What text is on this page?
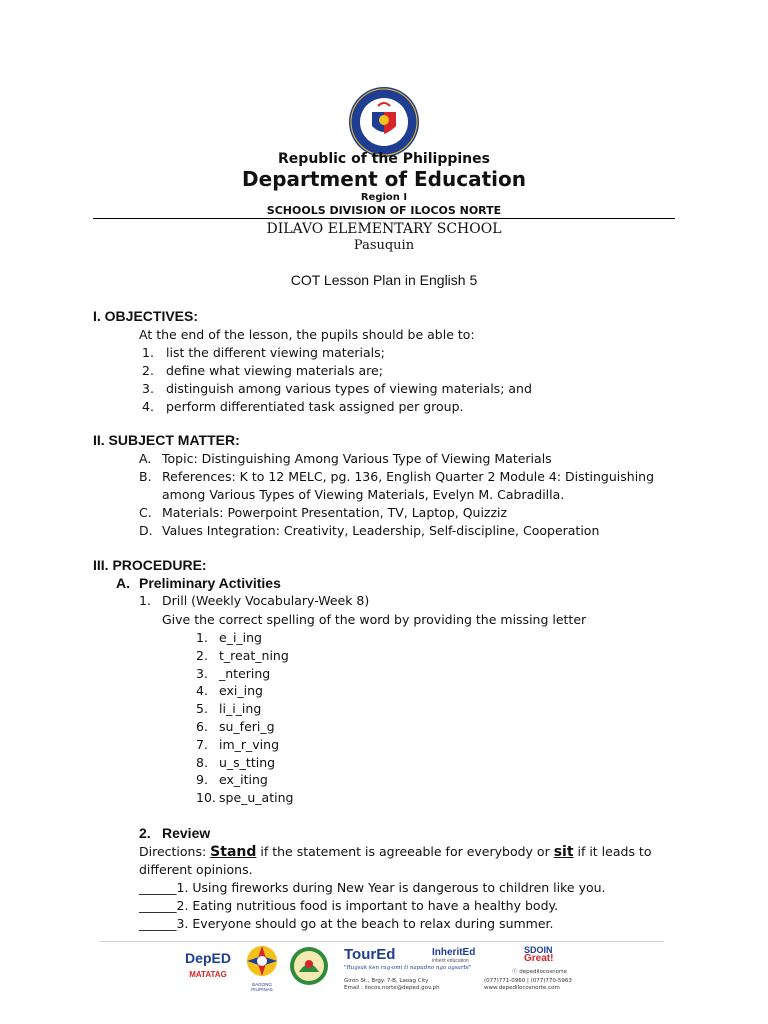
Republic of the Philippines
Department of Education
Region I
SCHOOLS DIVISION OF ILOCOS NORTE
DILAVO ELEMENTARY SCHOOL
Pasuquin
COT Lesson Plan in English 5
I. OBJECTIVES:
At the end of the lesson, the pupils should be able to:
1. list the different viewing materials;
2. define what viewing materials are;
3. distinguish among various types of viewing materials; and
4. perform differentiated task assigned per group.
II. SUBJECT MATTER:
A. Topic: Distinguishing Among Various Type of Viewing Materials
B. References: K to 12 MELC, pg. 136, English Quarter 2 Module 4: Distinguishing
among Various Types of Viewing Materials, Evelyn M. Cabradilla.
C. Materials: Powerpoint Presentation, TV, Laptop, Quizziz
D. Values Integration: Creativity, Leadership, Self-discipline, Cooperation
III. PROCEDURE:
A. Preliminary Activities
1. Drill (Weekly Vocabulary-Week 8)
Give the correct spelling of the word by providing the missing letter
1. e_i_ing
2. t_reat_ning
3. _ntering
4. exi_ing
5. li_i_ing
6. su_feri_g
7. im_r_ving
8. u_s_tting
9. ex_iting
10. spe_u_ating
2. Review
Directions: Stand if the statement is agreeable for everybody or sit if it leads to
different opinions.
______1. Using fireworks during New Year is dangerous to children like you.
______2. Eating nutritious food is important to have a healthy body.
______3. Everyone should go at the beach to relax during summer.
DepED
MATATAG
BAGONG PILIPINAS
TourEd
"Rugsak ken rag-omi ti napudno nga agsarbi"
InheritEd
inherit education
SDOIN
Great!
ⓕ depedilocosnorte
Giron St., Brgy. 7-B, Laoag City
Email : ilocos.norte@deped.gov.ph
(077)771-0960 | (077)770-5963
www.depedilocosnorte.com
